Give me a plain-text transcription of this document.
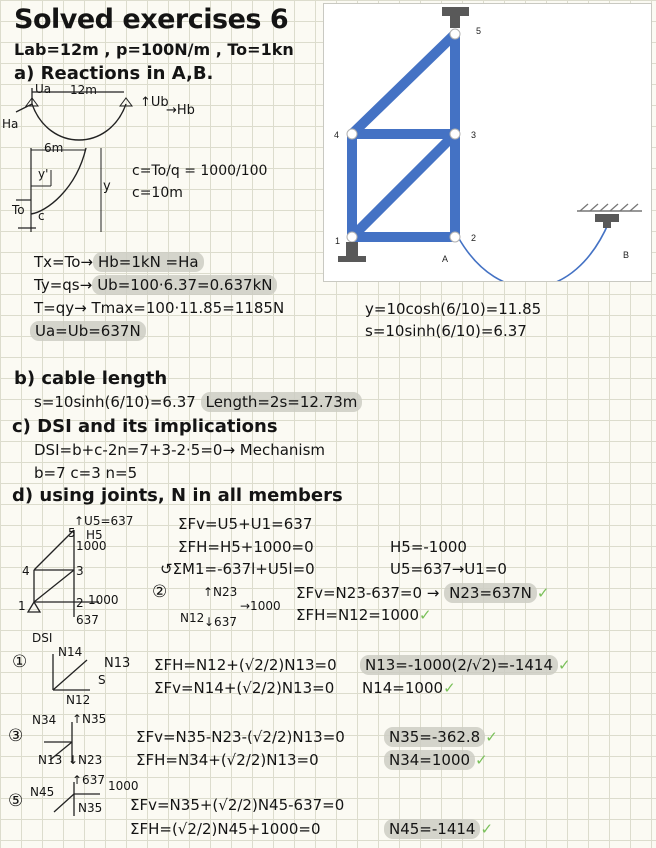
Solved exercises 6
Lab=12m , p=100N/m , To=1kn
1	2
3
4
5
A	B
a) Reactions in A,B.
12m
Ua
Ha
↑Ub
→Hb
6m
y'
y
To c
c=To/q = 1000/100
c=10m
Tx=To→ Hb=1kN =Ha
Ty=qs→ Ub=100·6.37=0.637kN
T=qy→ Tmax=100·11.85=1185N
Ua=Ub=637N
y=10cosh(6/10)=11.85
s=10sinh(6/10)=6.37
b) cable length
s=10sinh(6/10)=6.37 Length=2s=12.73m
c) DSI and its implications
DSI=b+c-2n=7+3-2·5=0→ Mechanism
b=7 c=3 n=5
d) using joints, N in all members
↑U5=637
H5
1000
5
4	3
1	2 1000
637
DSI
ΣFv=U5+U1=637
ΣFH=H5+1000=0	H5=-1000
↺ΣM1=-637l+U5l=0	U5=637→U1=0
②	↑N23
N12
→1000
↓637
ΣFv=N23-637=0 → N23=637N ✓
ΣFH=N12=1000✓
①	N14
N13
N12
S
ΣFH=N12+(√2/2)N13=0
ΣFv=N14+(√2/2)N13=0
N13=-1000(2/√2)=-1414 ✓
N14=1000✓
③
N34 ↑N35
N13 ↓N23
ΣFv=N35-N23-(√2/2)N13=0
ΣFH=N34+(√2/2)N13=0
N35=-362.8 ✓
N34=1000 ✓
⑤ N45
↑637 1000
N35 ΣFv=N35+(√2/2)N45-637=0
ΣFH=(√2/2)N45+1000=0	N45=-1414 ✓
